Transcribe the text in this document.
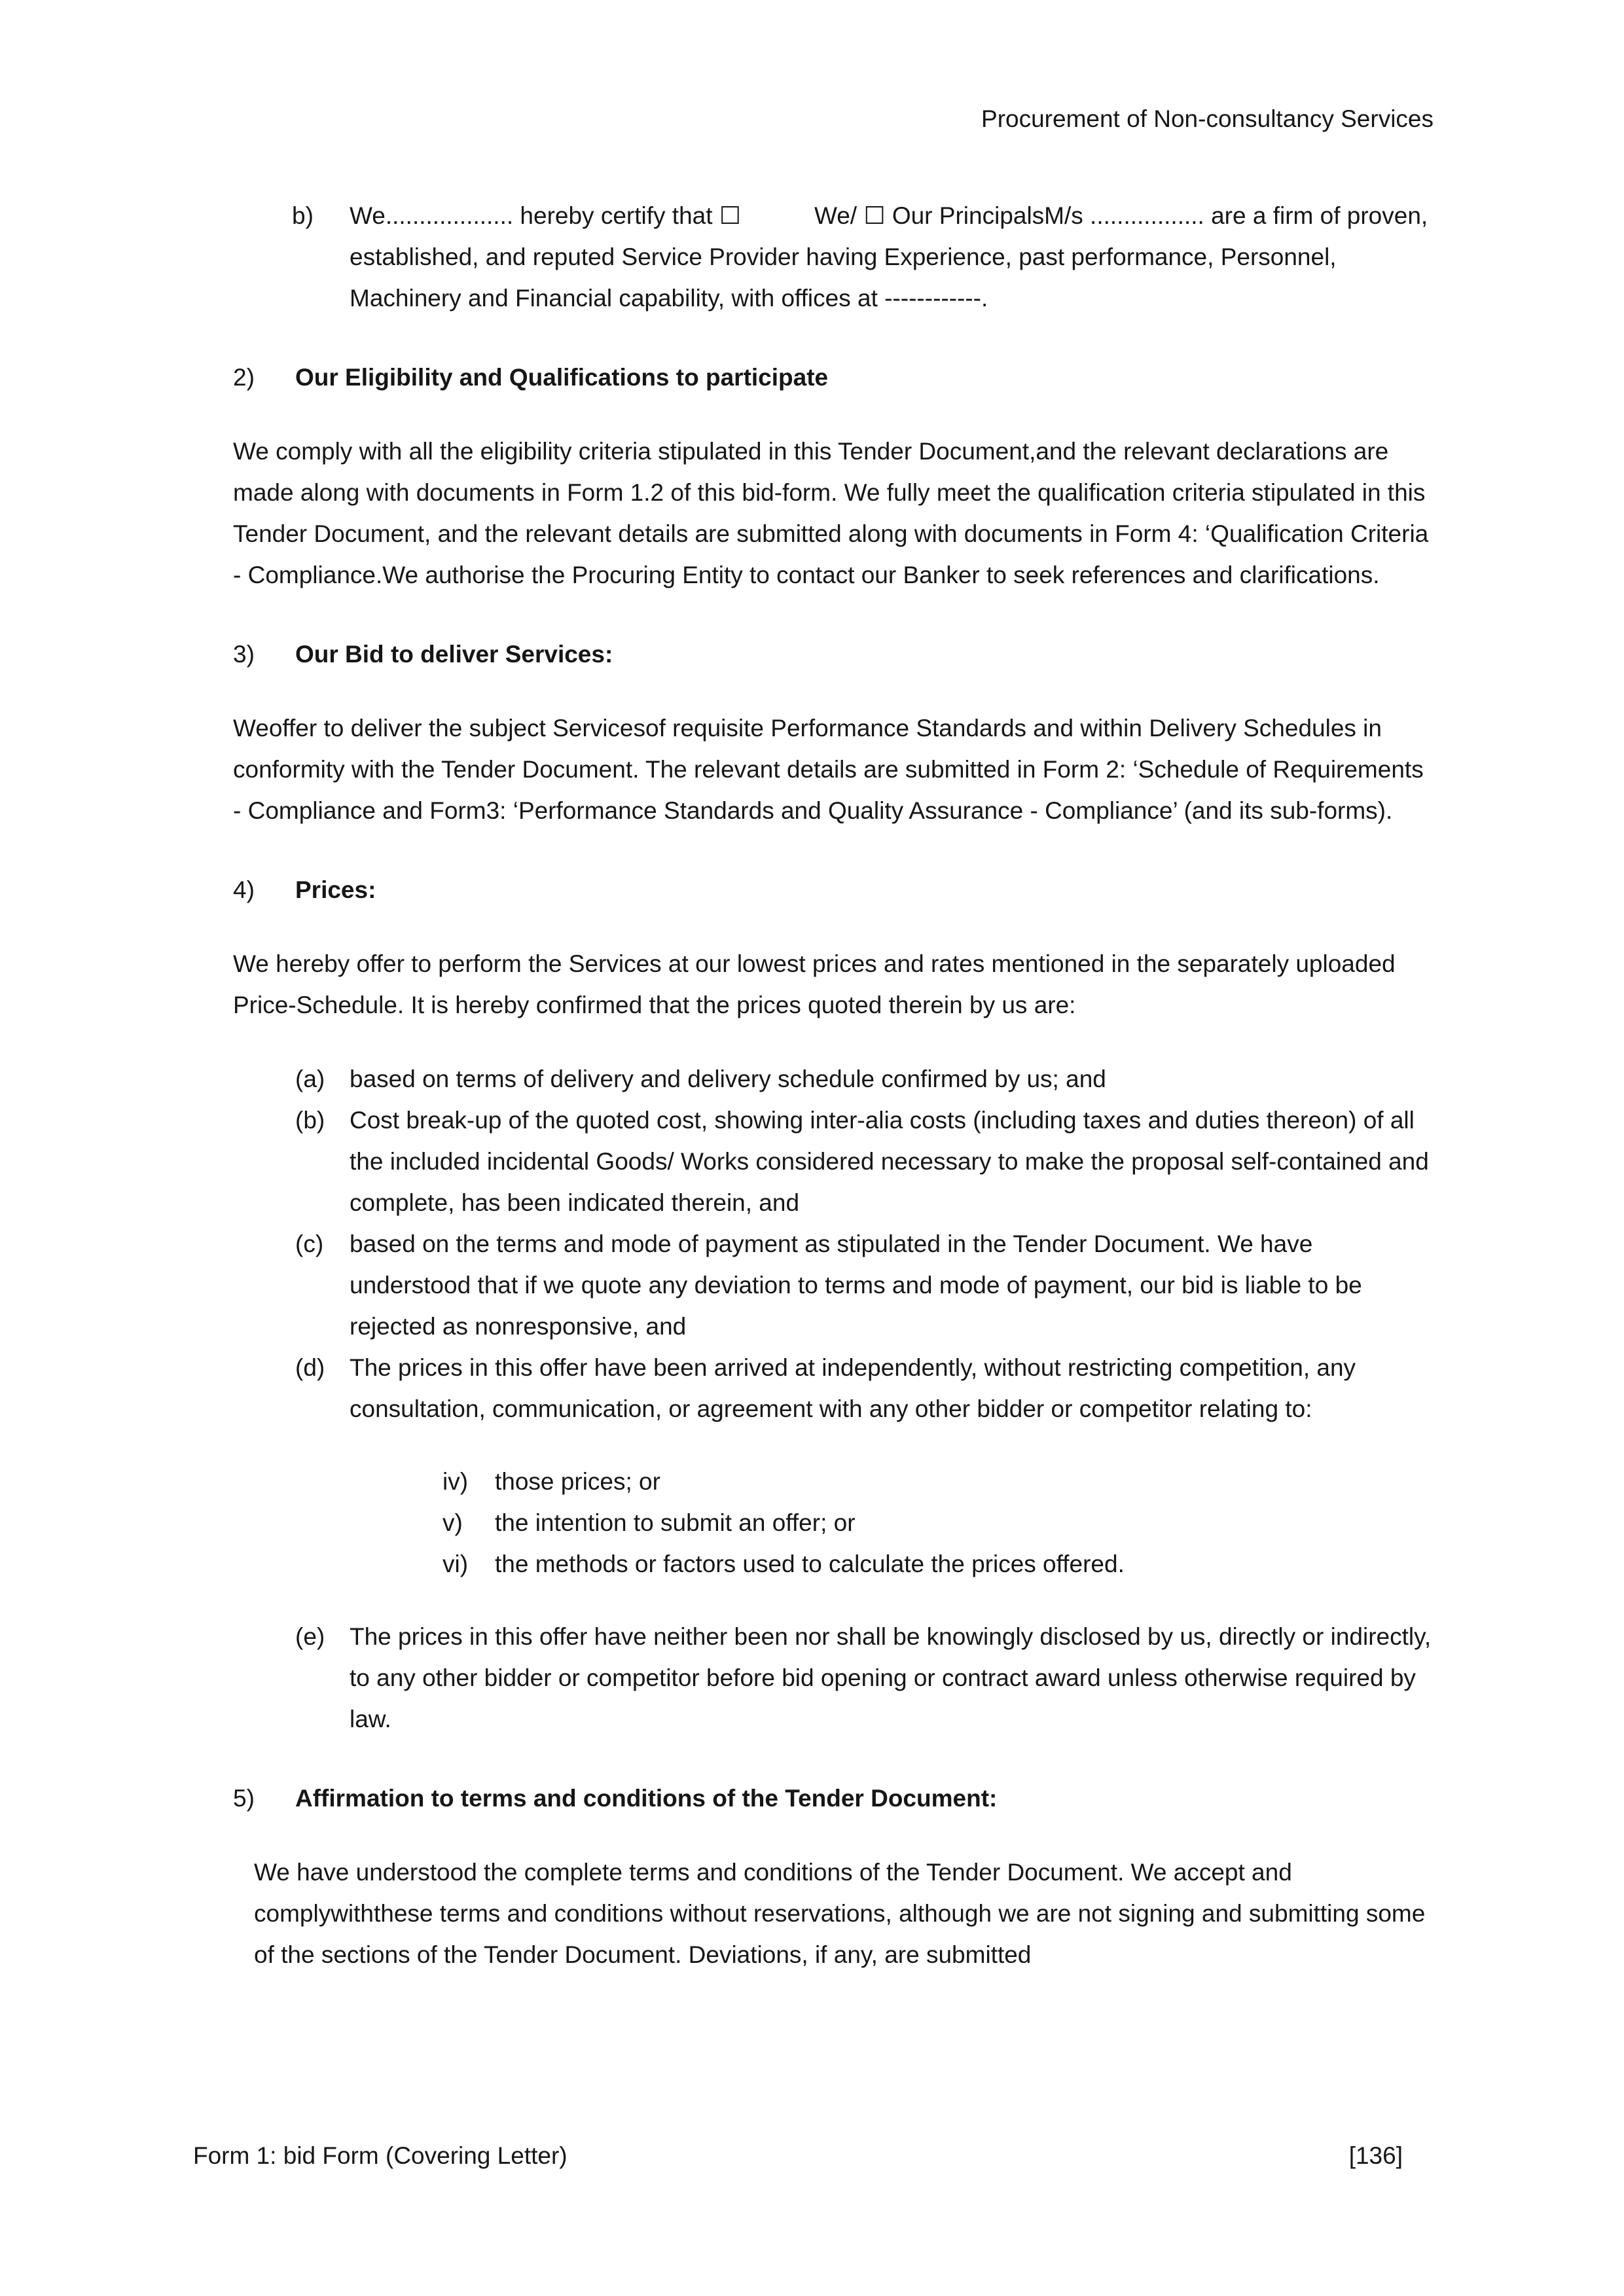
Procurement of Non-consultancy Services
b) We................... hereby certify that ☐	We/ ☐ Our PrincipalsM/s ................. are a firm of proven, established, and reputed Service Provider having Experience, past performance, Personnel, Machinery and Financial capability, with offices at ------------.
2) Our Eligibility and Qualifications to participate

We comply with all the eligibility criteria stipulated in this Tender Document,and the relevant declarations are made along with documents in Form 1.2 of this bid-form. We fully meet the qualification criteria stipulated in this Tender Document, and the relevant details are submitted along with documents in Form 4: ‘Qualification Criteria - Compliance.We authorise the Procuring Entity to contact our Banker to seek references and clarifications.

3) Our Bid to deliver Services:

Weoffer to deliver the subject Servicesof requisite Performance Standards and within Delivery Schedules in conformity with the Tender Document. The relevant details are submitted in Form 2: ‘Schedule of Requirements - Compliance and Form3: ‘Performance Standards and Quality Assurance - Compliance’ (and its sub-forms).

4) Prices:

We hereby offer to perform the Services at our lowest prices and rates mentioned in the separately uploaded Price-Schedule. It is hereby confirmed that the prices quoted therein by us are:

(a) based on terms of delivery and delivery schedule confirmed by us; and
(b) Cost break-up of the quoted cost, showing inter-alia costs (including taxes and duties thereon) of all the included incidental Goods/ Works considered necessary to make the proposal self-contained and complete, has been indicated therein, and
(c) based on the terms and mode of payment as stipulated in the Tender Document. We have understood that if we quote any deviation to terms and mode of payment, our bid is liable to be rejected as nonresponsive, and
(d) The prices in this offer have been arrived at independently, without restricting competition, any consultation, communication, or agreement with any other bidder or competitor relating to:
iv) those prices; or
v) the intention to submit an offer; or
vi) the methods or factors used to calculate the prices offered.
(e) The prices in this offer have neither been nor shall be knowingly disclosed by us, directly or indirectly, to any other bidder or competitor before bid opening or contract award unless otherwise required by law.
5) Affirmation to terms and conditions of the Tender Document:

We have understood the complete terms and conditions of the Tender Document. We accept and complywiththese terms and conditions without reservations, although we are not signing and submitting some of the sections of the Tender Document. Deviations, if any, are submitted

Form 1: bid Form (Covering Letter)	[136]
